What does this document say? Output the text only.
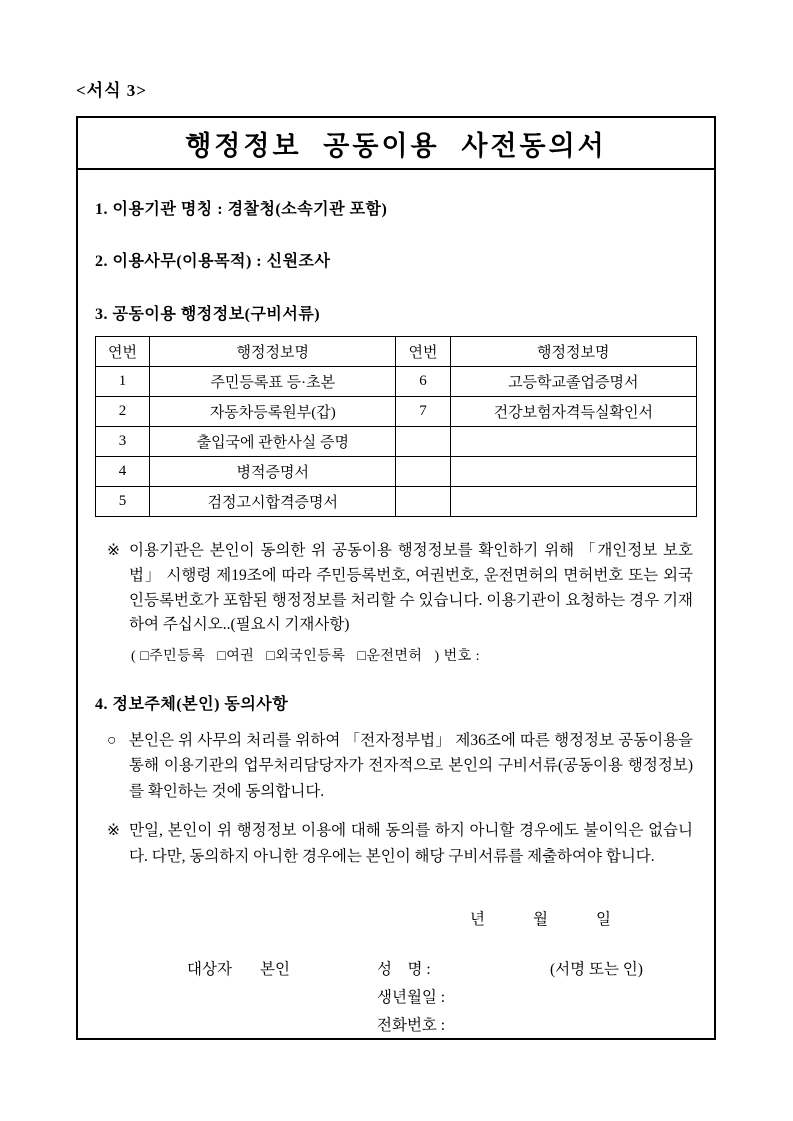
<서식 3>
행정정보 공동이용 사전동의서

1. 이용기관 명칭 : 경찰청(소속기관 포함)

2. 이용사무(이용목적) : 신원조사

3. 공동이용 행정정보(구비서류)

연번	행정정보명	연번	행정정보명
1	주민등록표 등·초본	6	고등학교졸업증명서
2	자동차등록원부(갑)	7	건강보험자격득실확인서
3	출입국에 관한사실 증명		
4	병적증명서		
5	검정고시합격증명서		
※ 이용기관은 본인이 동의한 위 공동이용 행정정보를 확인하기 위해 「개인정보 보호법」 시행령 제19조에 따라 주민등록번호, 여권번호, 운전면허의 면허번호 또는 외국인등록번호가 포함된 행정정보를 처리할 수 있습니다. 이용기관이 요청하는 경우 기재하여 주십시오..(필요시 기재사항)
( □주민등록 □여권 □외국인등록 □운전면허 ) 번호 :

4. 정보주체(본인) 동의사항

○ 본인은 위 사무의 처리를 위하여 「전자정부법」 제36조에 따른 행정정보 공동이용을 통해 이용기관의 업무처리담당자가 전자적으로 본인의 구비서류(공동이용 행정정보)를 확인하는 것에 동의합니다.
※ 만일, 본인이 위 행정정보 이용에 대해 동의를 하지 아니할 경우에도 불이익은 없습니다. 다만, 동의하지 아니한 경우에는 본인이 해당 구비서류를 제출하여야 합니다.
년	월	일
대상자 본인	성    명 :	(서명 또는 인)
생년월일 :
전화번호 :
